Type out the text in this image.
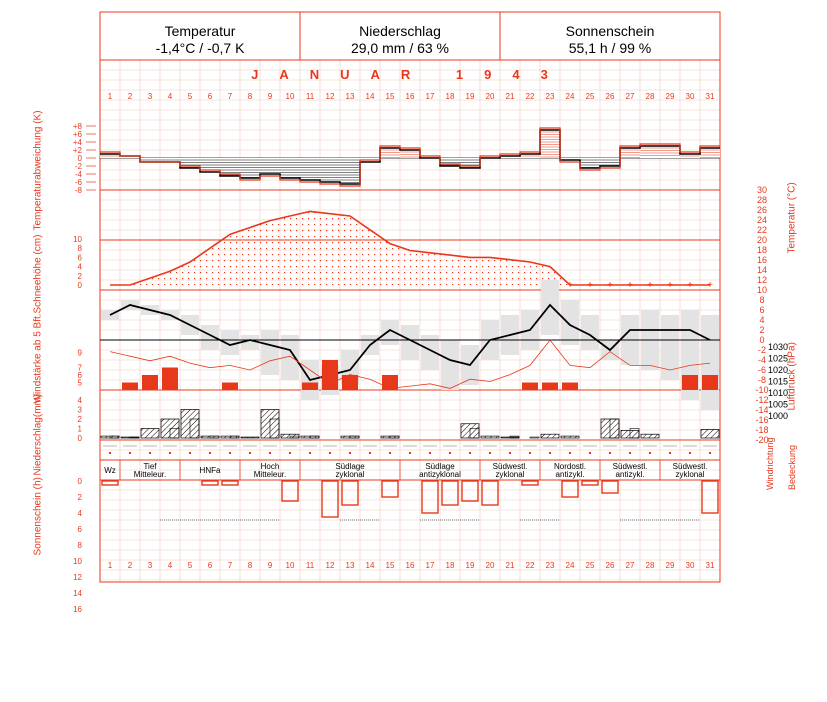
1
1
2
2
3
3
4
4
5
5
6
6
7
7
8
8
9
9
10
10
11
11
12
12
13
13
14
14
15
15
16
16
17
17
18
18
19
19
20
20
21
21
22
22
23
23
24
24
25
25
26
26
27
27
28
28
29
29
30
30
31
31
+8
+6
+4
+2
0
-2
-4
-6
-8
10
8
6
4
2
0	+ + + + + + + +
30
28
26
24
22
20
18
16
14
12
10
8
6
4
2
0
-2
-4
-6
-8
-10
-12
-14
-16
-18
-20
1030
1025
1020
1015
1010
1005
1000
9
7
6
5
4
3
2
1
0
Wz	Tief
Mitteleur.	HNFa	Hoch
Mitteleur.
Südlage
zyklonal
Südlage
antizyklonal
Südwestl.
zyklonal
Nordostl.
antizykl.
Südwestl.
antizykl.
Südwestl.
zyklonal
0
2
4
6
8
10
12
14
16
Temperatur
-1,4°C / -0,7 K
Niederschlag
29,0 mm / 63 %
Sonnenschein
55,1 h / 99 %
JANUAR 1943
Temperaturabweichung (K)
Schneehöhe (cm)
Windstärke ab 5 Bft.
Niederschlag(mm)
Sonnenschein (h)
Temperatur (°C)
Luftdruck (hPa)
Windrichtung Bedeckung
